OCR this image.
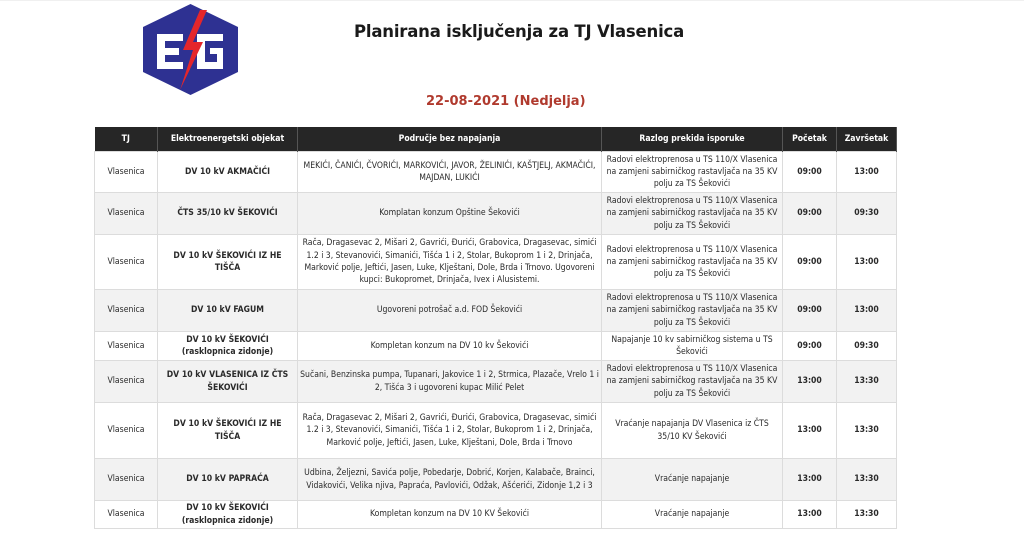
Planirana isključenja za TJ Vlasenica
22-08-2021 (Nedjelja)
TJ	Elektroenergetski objekat	Područje bez napajanja	Razlog prekida isporuke	Početak	Završetak
Vlasenica	DV 10 kV AKMAČIĆI	MEKIĆI, ČANIĆI, ČVORIĆI, MARKOVIĆI, JAVOR, ŽELINIĆI, KAŠTJELJ, AKMAČIĆI, MAJDAN, LUKIĆI	Radovi elektroprenosa u TS 110/X Vlasenica na zamjeni sabirničkog rastavljača na 35 KV polju za TS Šekovići	09:00	13:00
Vlasenica	ČTS 35/10 kV ŠEKOVIĆI	Komplatan konzum Opštine Šekovići	Radovi elektroprenosa u TS 110/X Vlasenica na zamjeni sabirničkog rastavljača na 35 KV polju za TS Šekovići	09:00	09:30
Vlasenica	DV 10 kV ŠEKOVIĆI IZ HE TIŠČA	Rača, Dragasevac 2, Mišari 2, Gavrići, Đurići, Grabovica, Dragasevac, simići 1.2 i 3, Stevanovići, Simanići, Tišća 1 i 2, Stolar, Bukoprom 1 i 2, Drinjača, Marković polje, Jeftići, Jasen, Luke, Klještani, Dole, Brda i Trnovo. Ugovoreni kupci: Bukopromet, Drinjača, Ivex i Alusistemi.	Radovi elektroprenosa u TS 110/X Vlasenica na zamjeni sabirničkog rastavljača na 35 KV polju za TS Šekovići	09:00	13:00
Vlasenica	DV 10 kV FAGUM	Ugovoreni potrošač a.d. FOD Šekovići	Radovi elektroprenosa u TS 110/X Vlasenica na zamjeni sabirničkog rastavljača na 35 KV polju za TS Šekovići	09:00	13:00
Vlasenica	DV 10 kV ŠEKOVIĆI (rasklopnica zidonje)	Kompletan konzum na DV 10 kv Šekovići	Napajanje 10 kv sabirničkog sistema u TS Šekovići	09:00	09:30
Vlasenica	DV 10 kV VLASENICA IZ ČTS ŠEKOVIĆI	Sučani, Benzinska pumpa, Tupanari, Jakovice 1 i 2, Strmica, Plazače, Vrelo 1 i 2, Tišća 3 i ugovoreni kupac Milić Pelet	Radovi elektroprenosa u TS 110/X Vlasenica na zamjeni sabirničkog rastavljača na 35 KV polju za TS Šekovići	13:00	13:30
Vlasenica	DV 10 kV ŠEKOVIĆI IZ HE TIŠČA	Rača, Dragasevac 2, Mišari 2, Gavrići, Đurići, Grabovica, Dragasevac, simići 1.2 i 3, Stevanovići, Simanići, Tišća 1 i 2, Stolar, Bukoprom 1 i 2, Drinjača, Marković polje, Jeftići, Jasen, Luke, Klještani, Dole, Brda i Trnovo	Vraćanje napajanja DV Vlasenica iz ČTS 35/10 KV Šekovići	13:00	13:30
Vlasenica	DV 10 kV PAPRAĆA	Udbina, Željezni, Savića polje, Pobedarje, Dobrić, Korjen, Kalabače, Brainci, Vidakovići, Velika njiva, Papraća, Pavlovići, Odžak, Ašćerići, Zidonje 1,2 i 3	Vraćanje napajanje	13:00	13:30
Vlasenica	DV 10 kV ŠEKOVIĆI (rasklopnica zidonje)	Kompletan konzum na DV 10 KV Šekovići	Vraćanje napajanje	13:00	13:30
